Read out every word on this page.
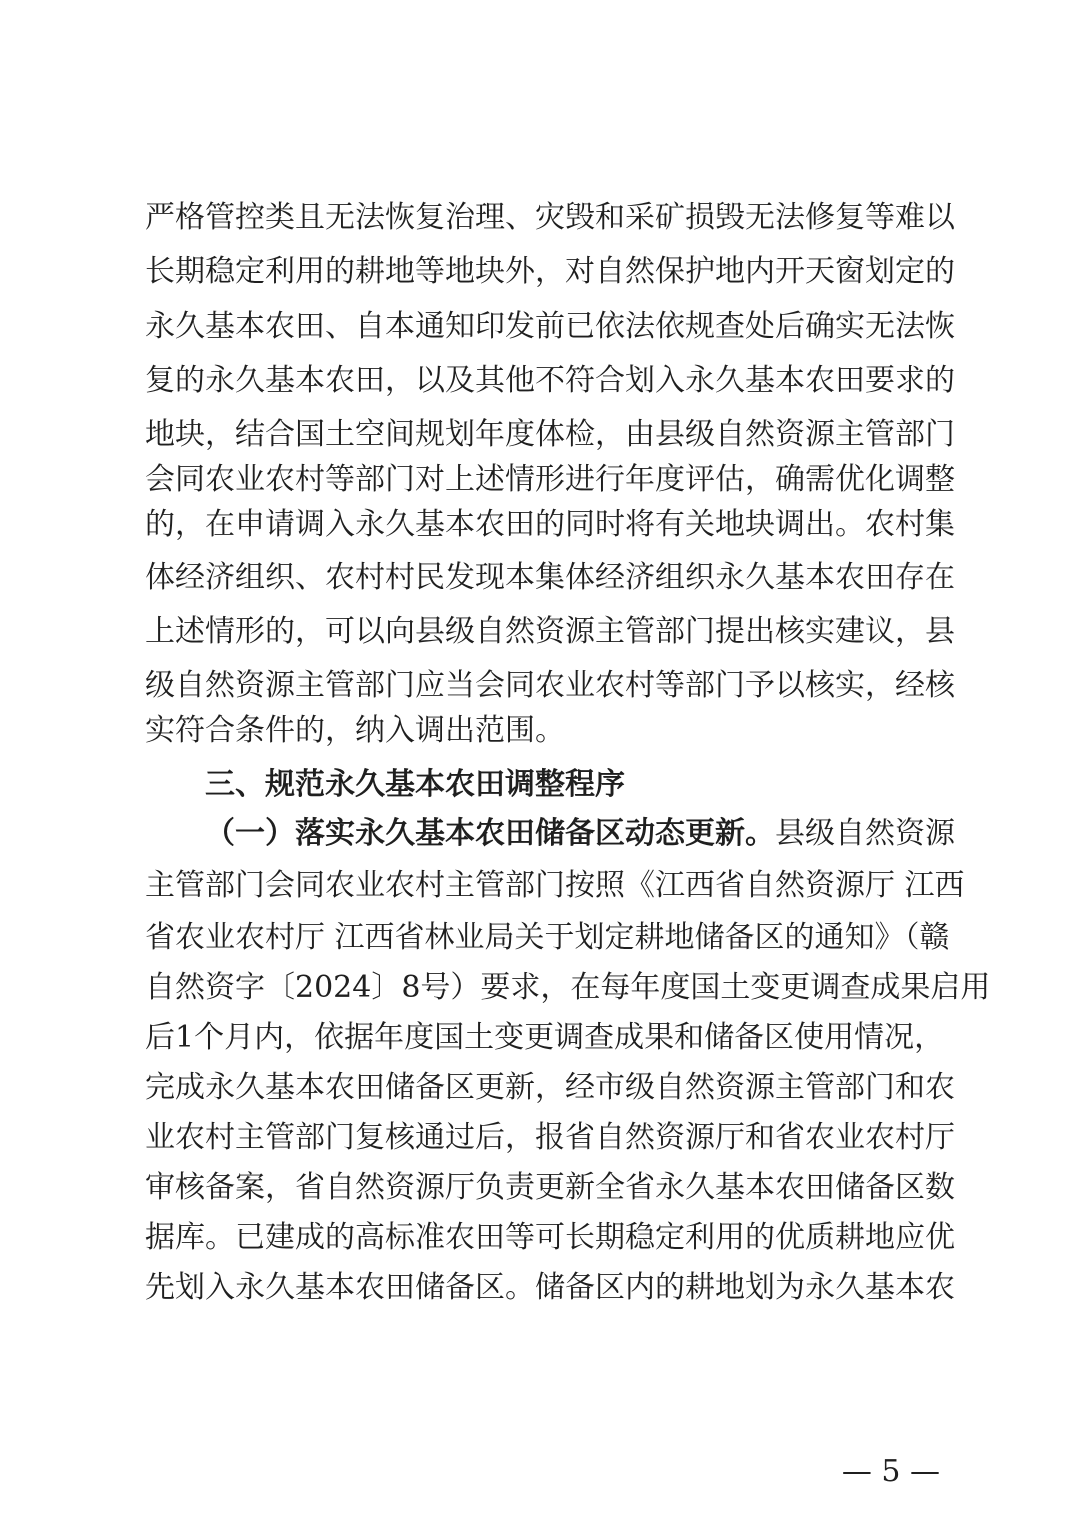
严格管控类且无法恢复治理、灾毁和采矿损毁无法修复等难以
长期稳定利用的耕地等地块外，对自然保护地内开天窗划定的
永久基本农田、自本通知印发前已依法依规查处后确实无法恢
复的永久基本农田，以及其他不符合划入永久基本农田要求的
地块，结合国土空间规划年度体检，由县级自然资源主管部门
会同农业农村等部门对上述情形进行年度评估，确需优化调整
的，在申请调入永久基本农田的同时将有关地块调出。农村集
体经济组织、农村村民发现本集体经济组织永久基本农田存在
上述情形的，可以向县级自然资源主管部门提出核实建议，县
级自然资源主管部门应当会同农业农村等部门予以核实，经核
实符合条件的，纳入调出范围。
三、规范永久基本农田调整程序
（一）落实永久基本农田储备区动态更新。县级自然资源
主管部门会同农业农村主管部门按照《江西省自然资源厅 江西
省农业农村厅 江西省林业局关于划定耕地储备区的通知》（赣
自然资字〔2024〕8号）要求，在每年度国土变更调查成果启用
后1个月内，依据年度国土变更调查成果和储备区使用情况，
完成永久基本农田储备区更新，经市级自然资源主管部门和农
业农村主管部门复核通过后，报省自然资源厅和省农业农村厅
审核备案，省自然资源厅负责更新全省永久基本农田储备区数
据库。已建成的高标准农田等可长期稳定利用的优质耕地应优
先划入永久基本农田储备区。储备区内的耕地划为永久基本农
— 5 —
